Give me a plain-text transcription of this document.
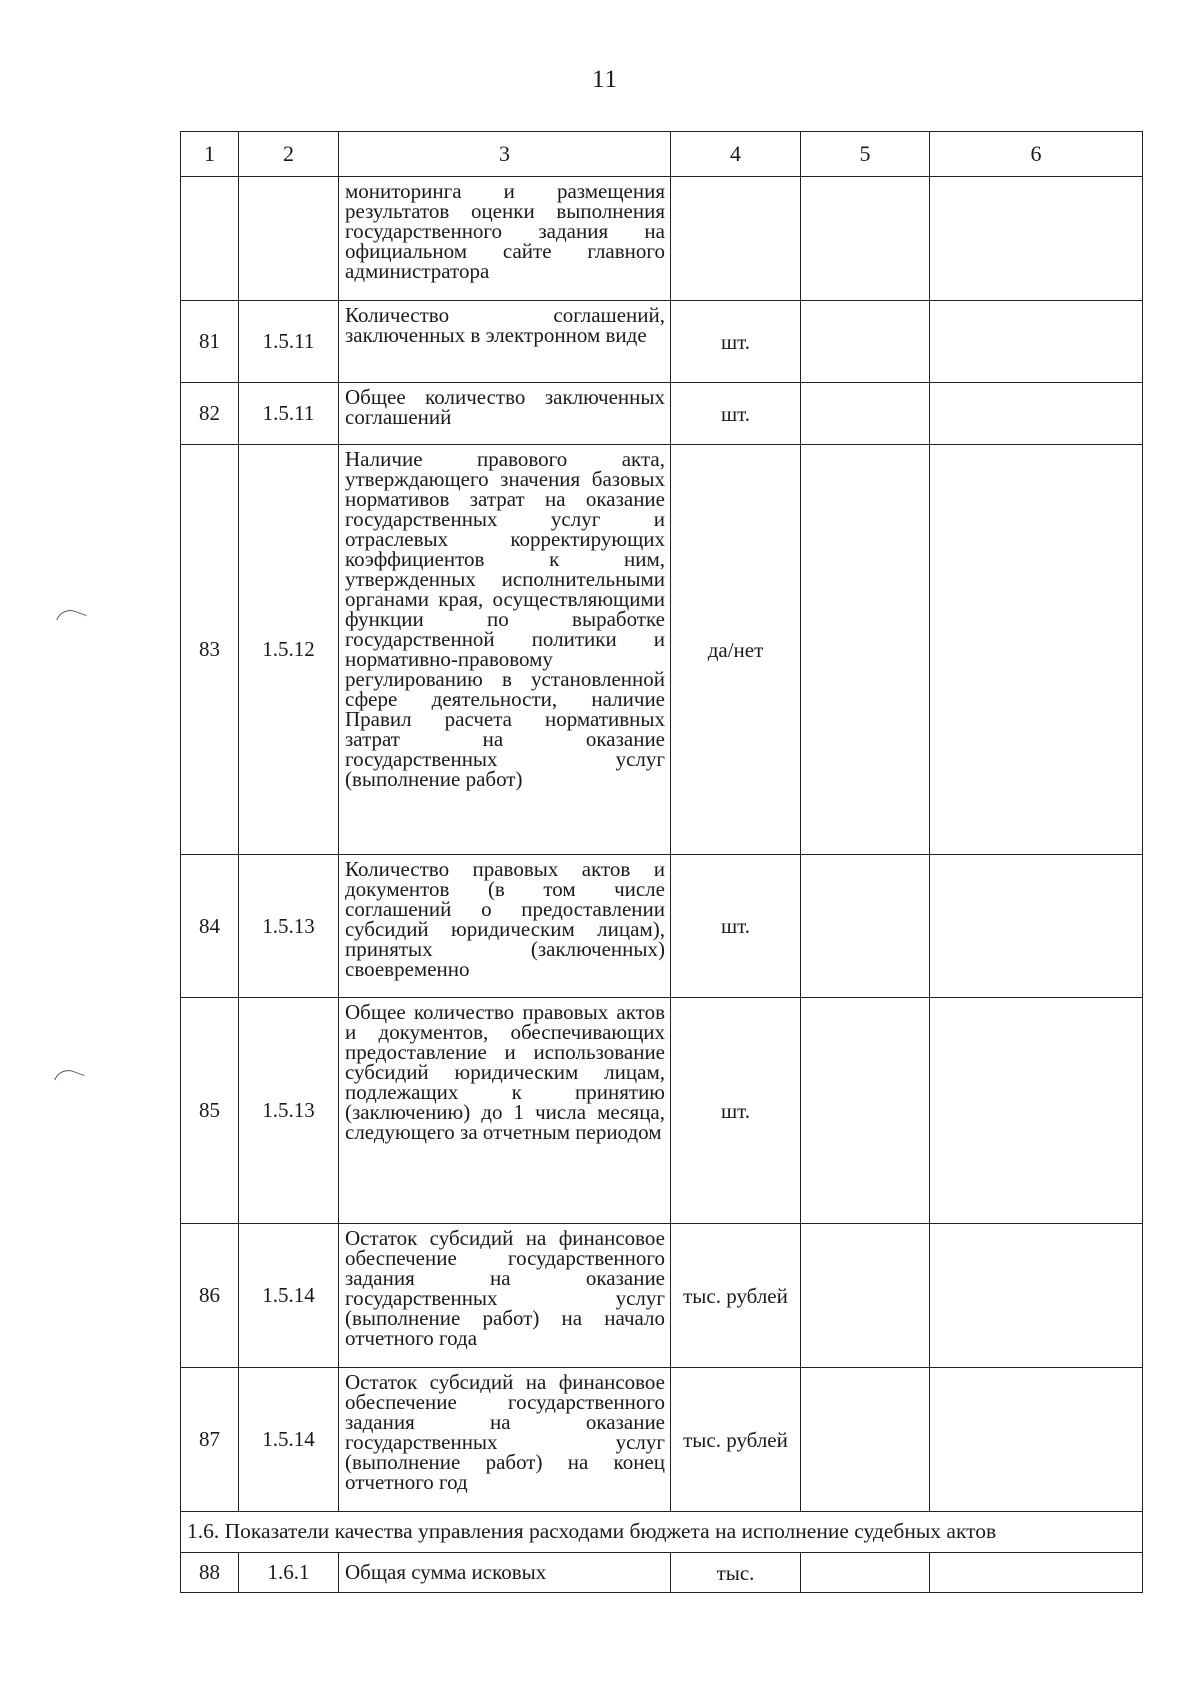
11
1	2	3	4	5	6
		мониторинга и размещения результатов оценки выполнения государственного задания на официальном сайте главного администратора			
81	1.5.11	Количество соглашений, заключенных в электронном виде	шт.		
82	1.5.11	Общее количество заключенных соглашений	шт.		
83	1.5.12	Наличие правового акта, утверждающего значения базовых нормативов затрат на оказание государственных услуг и отраслевых корректирующих коэффициентов к ним, утвержденных исполнительными органами края, осуществляющими функции по выработке государственной политики и нормативно-правовому регулированию в установленной сфере деятельности, наличие Правил расчета нормативных затрат на оказание государственных услуг (выполнение работ)	да/нет		
84	1.5.13	Количество правовых актов и документов (в том числе соглашений о предоставлении субсидий юридическим лицам), принятых (заключенных) своевременно	шт.		
85	1.5.13	Общее количество правовых актов и документов, обеспечивающих предоставление и использование субсидий юридическим лицам, подлежащих к принятию (заключению) до 1 числа месяца, следующего за отчетным периодом	шт.		
86	1.5.14	Остаток субсидий на финансовое обеспечение государственного задания на оказание государственных услуг (выполнение работ) на начало отчетного года	тыс. рублей		
87	1.5.14	Остаток субсидий на финансовое обеспечение государственного задания на оказание государственных услуг (выполнение работ) на конец отчетного год	тыс. рублей		
1.6. Показатели качества управления расходами бюджета на исполнение судебных актов					
88	1.6.1	Общая сумма исковых	тыс.		
